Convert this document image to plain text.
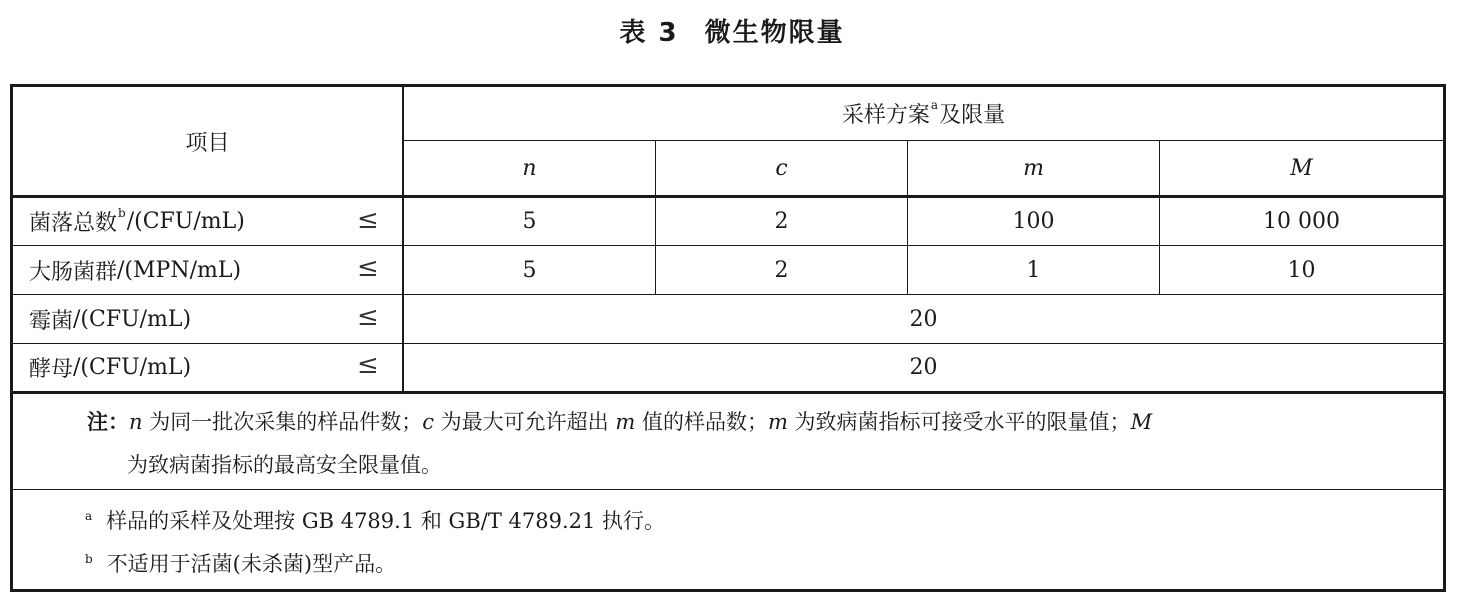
表 3 微生物限量
项目
采样方案 a 及限量
n	c	m	M
菌落总数 b /(CFU/mL)	≤	5	2	100	10 000
大肠菌群 /(MPN/mL)	≤	5	2	1	10
霉菌 /(CFU/mL)	≤	20
酵母 /(CFU/mL)	≤	20
注：n 为同一批次采集的样品件数；c 为最大可允许超出 m 值的样品数；m 为致病菌指标可接受水平的限量值；M
为致病菌指标的最高安全限量值。
$^a$ 样品的采样及处理按 GB 4789.1 和 GB/T 4789.21 执行。
$^b$ 不适用于活菌(未杀菌)型产品。
